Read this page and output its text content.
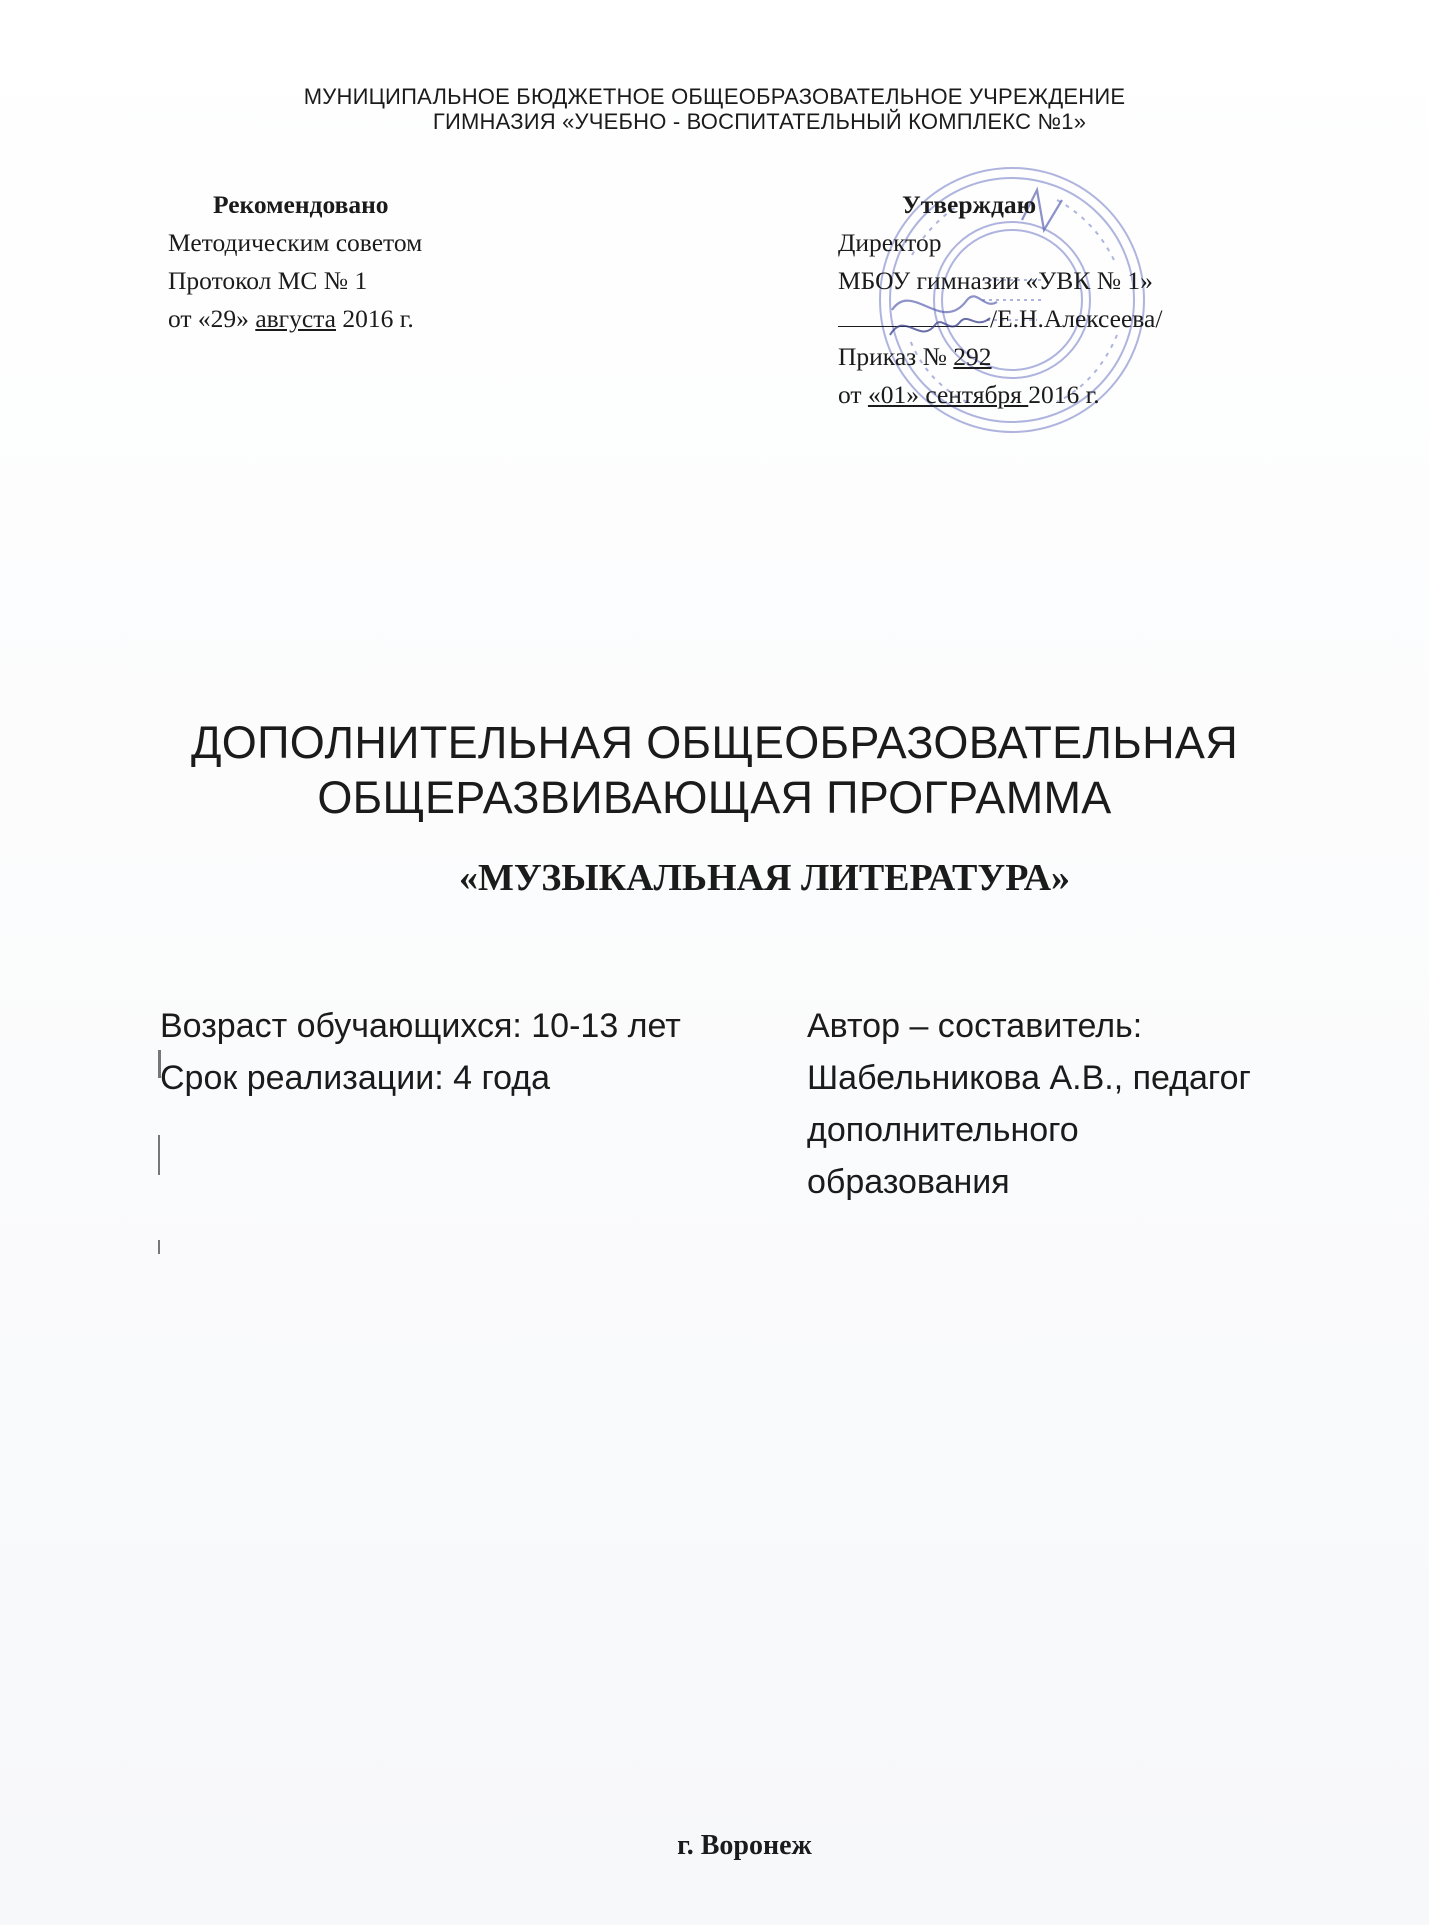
МУНИЦИПАЛЬНОЕ БЮДЖЕТНОЕ ОБЩЕОБРАЗОВАТЕЛЬНОЕ УЧРЕЖДЕНИЕ
ГИМНАЗИЯ «УЧЕБНО - ВОСПИТАТЕЛЬНЫЙ КОМПЛЕКС №1»
Рекомендовано
Методическим советом
Протокол МС № 1
от «29» августа 2016 г.
Утверждаю
Директор
МБОУ гимназии «УВК № 1»
/Е.Н.Алексеева/
Приказ № 292
от «01» сентября 2016 г.
ДОПОЛНИТЕЛЬНАЯ ОБЩЕОБРАЗОВАТЕЛЬНАЯ
ОБЩЕРАЗВИВАЮЩАЯ ПРОГРАММА
«МУЗЫКАЛЬНАЯ ЛИТЕРАТУРА»
Возраст обучающихся: 10-13 лет
Срок реализации: 4 года
Автор – составитель:
Шабельникова А.В., педагог
дополнительного
образования
г. Воронеж
